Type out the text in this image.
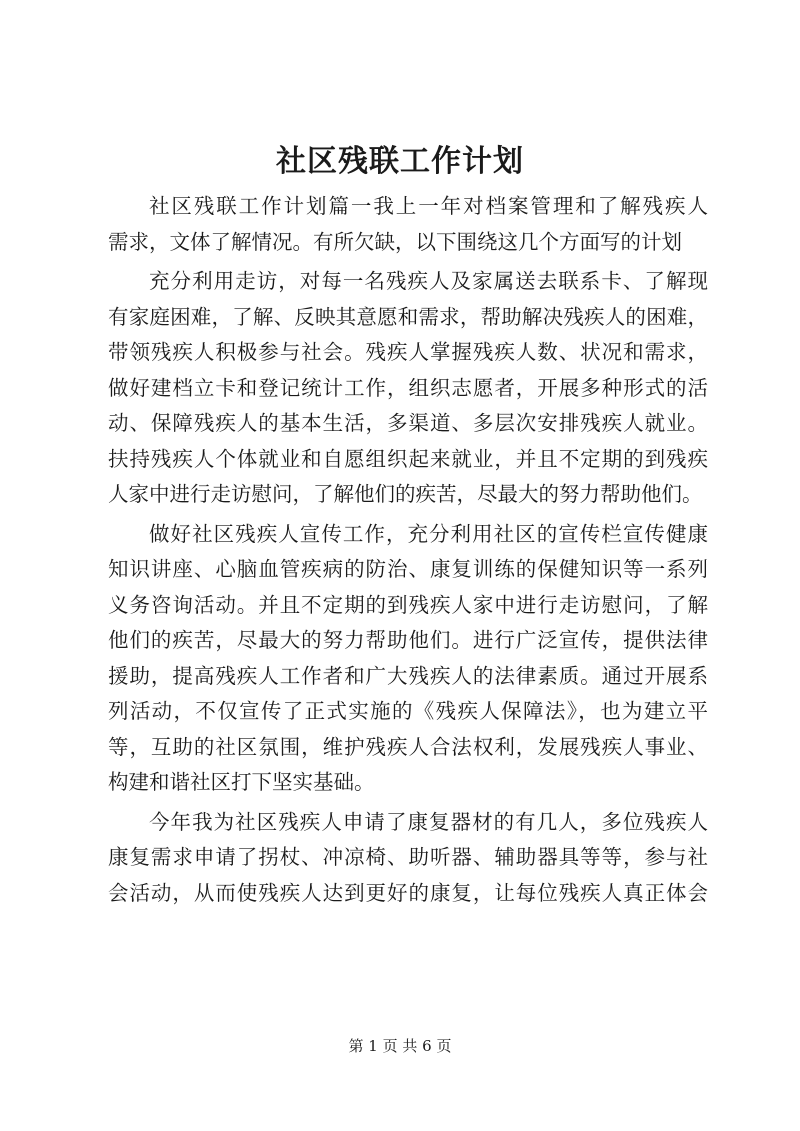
社区残联工作计划
社区残联工作计划篇一我上一年对档案管理和了解残疾人
需求，文体了解情况。有所欠缺，以下围绕这几个方面写的计划
充分利用走访，对每一名残疾人及家属送去联系卡、了解现
有家庭困难，了解、反映其意愿和需求，帮助解决残疾人的困难，
带领残疾人积极参与社会。残疾人掌握残疾人数、状况和需求，
做好建档立卡和登记统计工作，组织志愿者，开展多种形式的活
动、保障残疾人的基本生活，多渠道、多层次安排残疾人就业。
扶持残疾人个体就业和自愿组织起来就业，并且不定期的到残疾
人家中进行走访慰问，了解他们的疾苦，尽最大的努力帮助他们。
做好社区残疾人宣传工作，充分利用社区的宣传栏宣传健康
知识讲座、心脑血管疾病的防治、康复训练的保健知识等一系列
义务咨询活动。并且不定期的到残疾人家中进行走访慰问，了解
他们的疾苦，尽最大的努力帮助他们。进行广泛宣传，提供法律
援助，提高残疾人工作者和广大残疾人的法律素质。通过开展系
列活动，不仅宣传了正式实施的《残疾人保障法》，也为建立平
等，互助的社区氛围，维护残疾人合法权利，发展残疾人事业、
构建和谐社区打下坚实基础。
今年我为社区残疾人申请了康复器材的有几人，多位残疾人
康复需求申请了拐杖、冲凉椅、助听器、辅助器具等等，参与社
会活动，从而使残疾人达到更好的康复，让每位残疾人真正体会
第 1 页 共 6 页
